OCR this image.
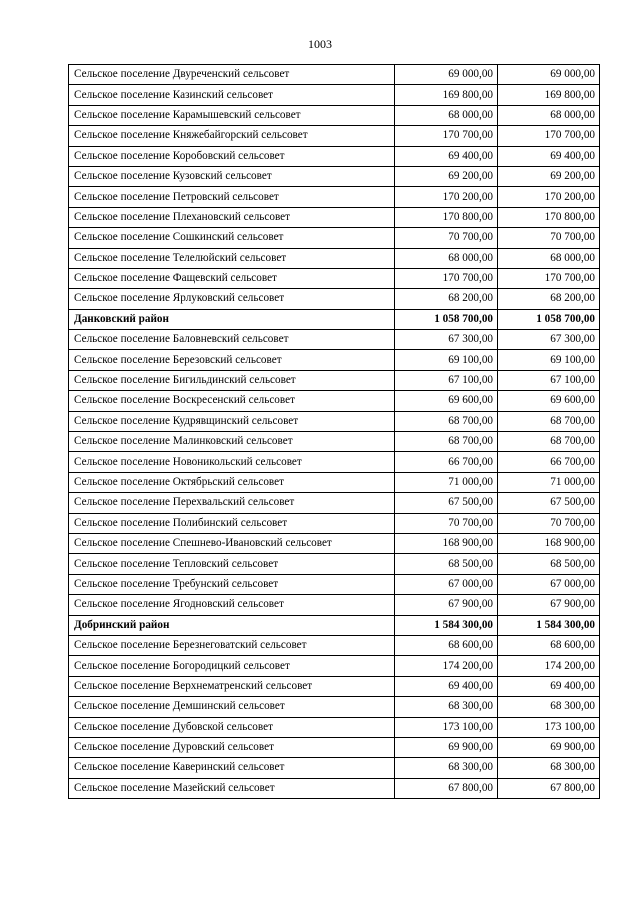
1003
Сельское поселение Двуреченский сельсовет	69 000,00	69 000,00
Сельское поселение Казинский сельсовет	169 800,00	169 800,00
Сельское поселение Карамышевский сельсовет	68 000,00	68 000,00
Сельское поселение Княжебайгорский сельсовет	170 700,00	170 700,00
Сельское поселение Коробовский сельсовет	69 400,00	69 400,00
Сельское поселение Кузовский сельсовет	69 200,00	69 200,00
Сельское поселение Петровский сельсовет	170 200,00	170 200,00
Сельское поселение Плехановский сельсовет	170 800,00	170 800,00
Сельское поселение Сошкинский сельсовет	70 700,00	70 700,00
Сельское поселение Телелюйский сельсовет	68 000,00	68 000,00
Сельское поселение Фащевский сельсовет	170 700,00	170 700,00
Сельское поселение Ярлуковский сельсовет	68 200,00	68 200,00
Данковский район	1 058 700,00	1 058 700,00
Сельское поселение Баловневский сельсовет	67 300,00	67 300,00
Сельское поселение Березовский сельсовет	69 100,00	69 100,00
Сельское поселение Бигильдинский сельсовет	67 100,00	67 100,00
Сельское поселение Воскресенский сельсовет	69 600,00	69 600,00
Сельское поселение Кудрявщинский сельсовет	68 700,00	68 700,00
Сельское поселение Малинковский сельсовет	68 700,00	68 700,00
Сельское поселение Новоникольский сельсовет	66 700,00	66 700,00
Сельское поселение Октябрьский сельсовет	71 000,00	71 000,00
Сельское поселение Перехвальский сельсовет	67 500,00	67 500,00
Сельское поселение Полибинский сельсовет	70 700,00	70 700,00
Сельское поселение Спешнево-Ивановский сельсовет	168 900,00	168 900,00
Сельское поселение Тепловский сельсовет	68 500,00	68 500,00
Сельское поселение Требунский сельсовет	67 000,00	67 000,00
Сельское поселение Ягодновский сельсовет	67 900,00	67 900,00
Добринский район	1 584 300,00	1 584 300,00
Сельское поселение Березнеговатский сельсовет	68 600,00	68 600,00
Сельское поселение Богородицкий сельсовет	174 200,00	174 200,00
Сельское поселение Верхнематренский сельсовет	69 400,00	69 400,00
Сельское поселение Демшинский сельсовет	68 300,00	68 300,00
Сельское поселение Дубовской сельсовет	173 100,00	173 100,00
Сельское поселение Дуровский сельсовет	69 900,00	69 900,00
Сельское поселение Каверинский сельсовет	68 300,00	68 300,00
Сельское поселение Мазейский сельсовет	67 800,00	67 800,00
